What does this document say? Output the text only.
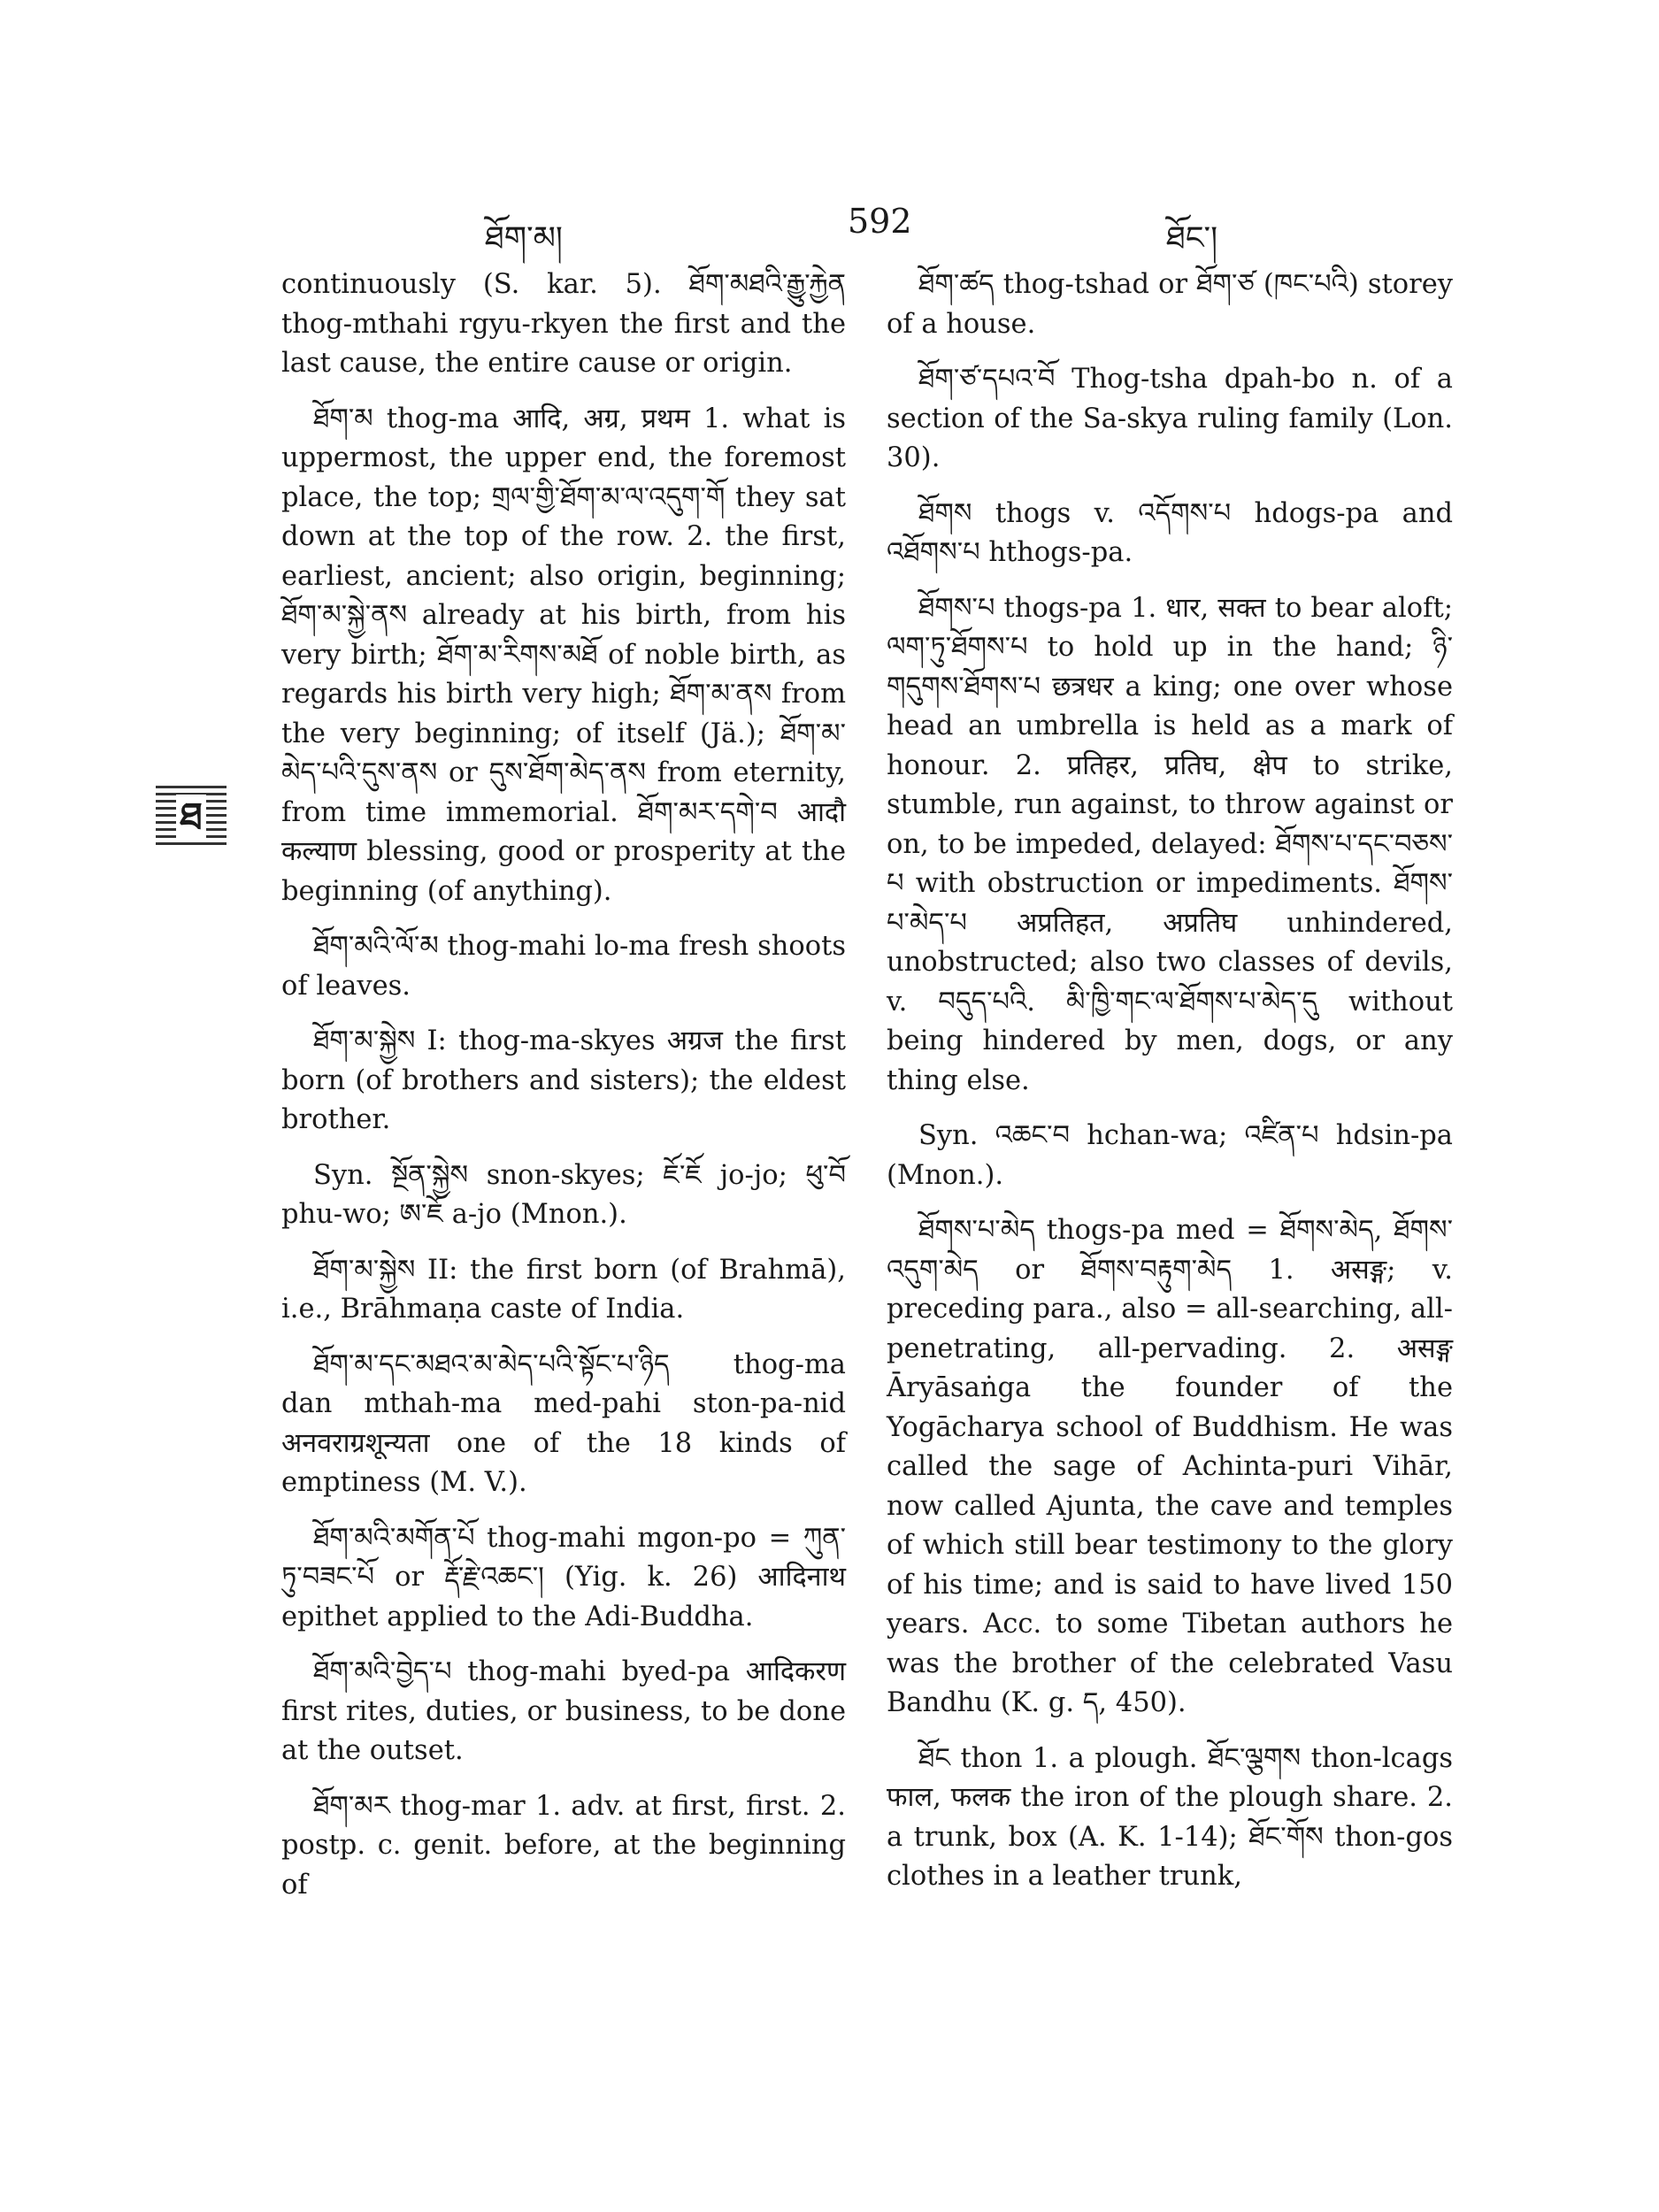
ཐོག་མ།	592	ཐོང་།
ཐ

continuously (S. kar. 5). ཐོག་མཐའི་རྒྱུ་རྐྱེན thog-mthahi rgyu-rkyen the first and the last cause, the entire cause or origin.

ཐོག་མ thog-ma आदि, अग्र, प्रथम 1. what is uppermost, the upper end, the foremost place, the top; གྲལ་གྱི་ཐོག་མ་ལ་འདུག་གོ they sat down at the top of the row. 2. the first, earliest, ancient; also origin, beginning; ཐོག་མ་སྐྱེ་ནས already at his birth, from his very birth; ཐོག་མ་རིགས་མཐོ of noble birth, as regards his birth very high; ཐོག་མ་ནས from the very beginning; of itself (Jä.); ཐོག་མ་མེད་པའི་དུས་ནས or དུས་ཐོག་མེད་ནས from eternity, from time immemorial. ཐོག་མར་དགེ་བ आदौ कल्याण blessing, good or prosperity at the beginning (of anything).

ཐོག་མའི་ལོ་མ thog-mahi lo-ma fresh shoots of leaves.

ཐོག་མ་སྐྱེས I: thog-ma-skyes अग्रज the first born (of brothers and sisters); the eldest brother.

Syn. སྔོན་སྐྱེས snon-skyes; ཇོ་ཇོ jo-jo; ཕུ་བོ phu-wo; ཨ་ཇོ a-jo (Mnon.).

ཐོག་མ་སྐྱེས II: the first born (of Brahmā), i.e., Brāhmaṇa caste of India.

ཐོག་མ་དང་མཐའ་མ་མེད་པའི་སྟོང་པ་ཉིད thog-ma dan mthah-ma med-pahi ston-pa-nid अनवराग्रशून्यता one of the 18 kinds of emptiness (M. V.).

ཐོག་མའི་མགོན་པོ thog-mahi mgon-po = ཀུན་ཏུ་བཟང་པོ or རྡོ་རྗེ་འཆང་། (Yig. k. 26) आदिनाथ epithet applied to the Adi-Buddha.

ཐོག་མའི་བྱེད་པ thog-mahi byed-pa आदिकरण first rites, duties, or business, to be done at the outset.

ཐོག་མར thog-mar 1. adv. at first, first. 2. postp. c. genit. before, at the beginning of

ཐོག་ཚད thog-tshad or ཐོག་ཙ (ཁང་པའི) storey of a house.

ཐོག་ཙ་དཔའ་བོ Thog-tsha dpah-bo n. of a section of the Sa-skya ruling family (Lon. 30).

ཐོགས thogs v. འདོགས་པ hdogs-pa and འཐོགས་པ hthogs-pa.

ཐོགས་པ thogs-pa 1. धार, सक्त to bear aloft; ལག་ཏུ་ཐོགས་པ to hold up in the hand; ཉི་གདུགས་ཐོགས་པ छत्रधर a king; one over whose head an umbrella is held as a mark of honour. 2. प्रतिहर, प्रतिघ, क्षेप to strike, stumble, run against, to throw against or on, to be impeded, delayed: ཐོགས་པ་དང་བཅས་པ with obstruction or impediments. ཐོགས་པ་མེད་པ अप्रतिहत, अप्रतिघ unhindered, unobstructed; also two classes of devils, v. བདུད་པའི. མི་ཁྱི་གང་ལ་ཐོགས་པ་མེད་དུ without being hindered by men, dogs, or any thing else.

Syn. འཆང་བ hchan-wa; འཛིན་པ hdsin-pa (Mnon.).

ཐོགས་པ་མེད thogs-pa med = ཐོགས་མེད, ཐོགས་འདུག་མེད or ཐོགས་བརྟུག་མེད 1. असङ्ग; v. preceding para., also = all-searching, all-penetrating, all-pervading. 2. असङ्ग Āryāsaṅga the founder of the Yogācharya school of Buddhism. He was called the sage of Achinta-puri Vihār, now called Ajunta, the cave and temples of which still bear testimony to the glory of his time; and is said to have lived 150 years. Acc. to some Tibetan authors he was the brother of the celebrated Vasu Bandhu (K. g. ད, 450).

ཐོང thon 1. a plough. ཐོང་ལྕགས thon-lcags फाल, फलक the iron of the plough share. 2. a trunk, box (A. K. 1-14); ཐོང་གོས thon-gos clothes in a leather trunk,
